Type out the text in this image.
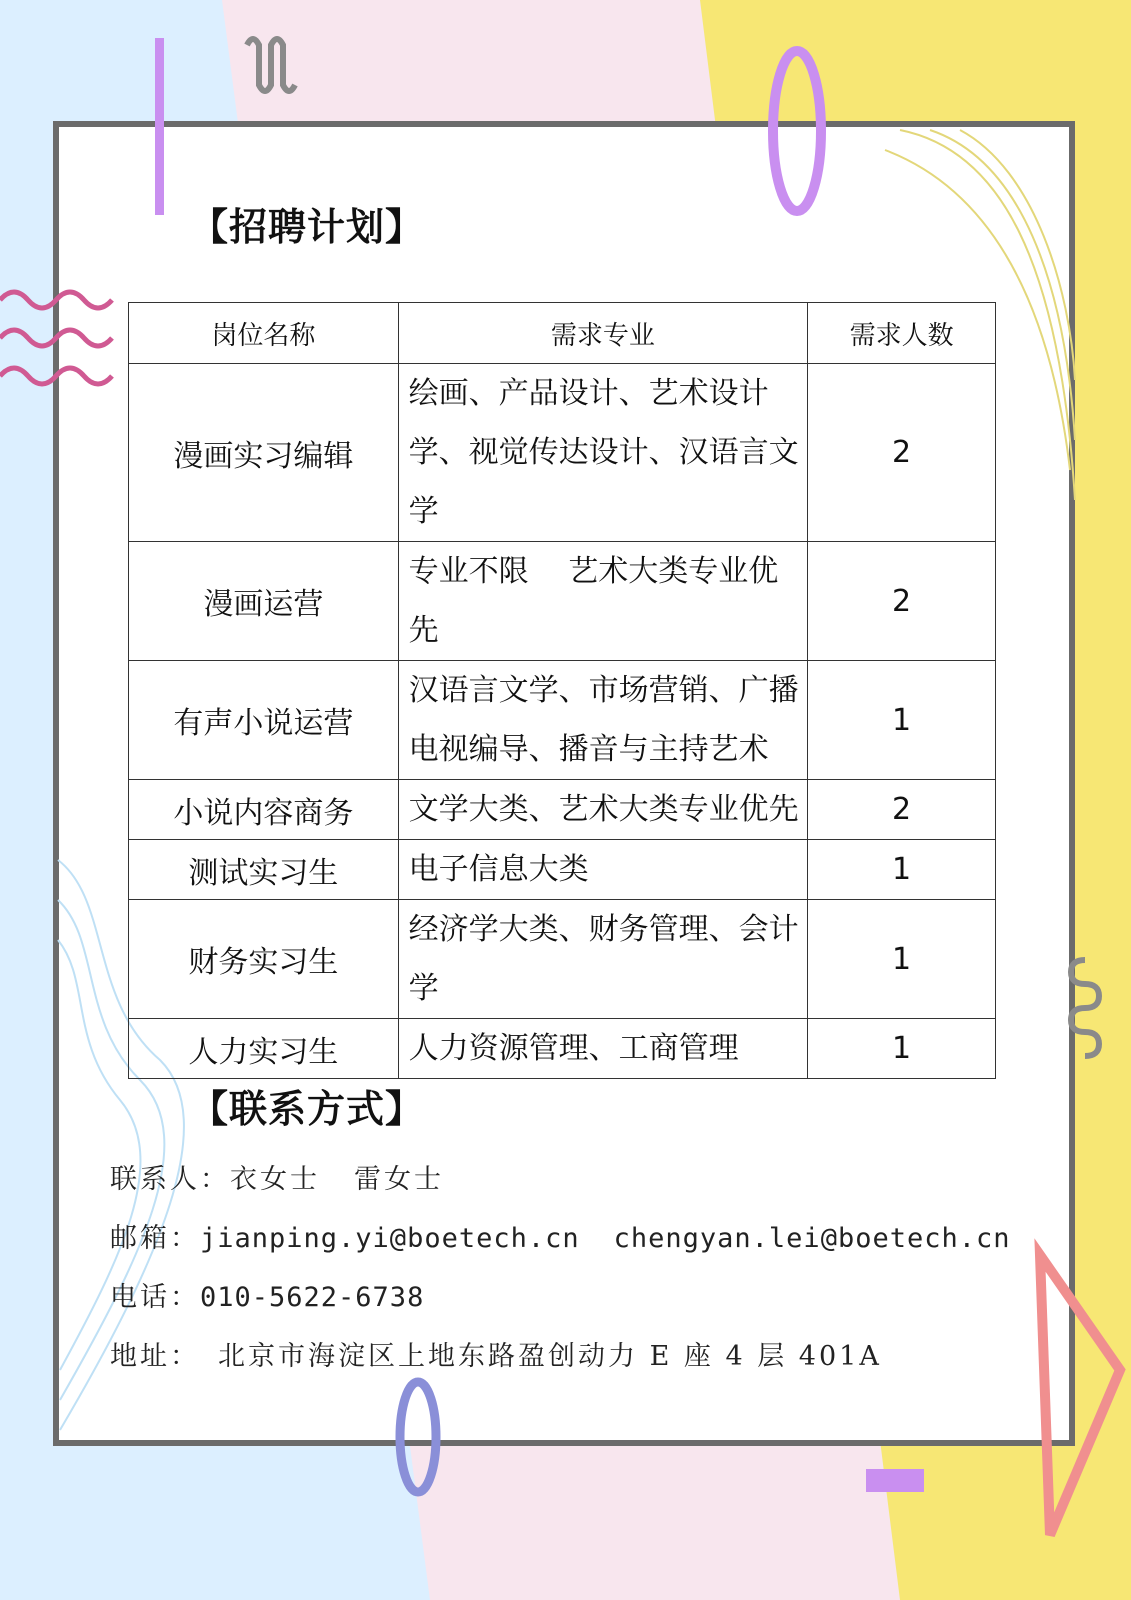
【招聘计划】
岗位名称	需求专业	需求人数
漫画实习编辑	绘画、产品设计、艺术设计学、视觉传达设计、汉语言文学	2
漫画运营	专业不限　 艺术大类专业优先	2
有声小说运营	汉语言文学、市场营销、广播电视编导、播音与主持艺术	1
小说内容商务	文学大类、艺术大类专业优先	2
测试实习生	电子信息大类	1
财务实习生	经济学大类、财务管理、会计学	1
人力实习生	人力资源管理、工商管理	1
【联系方式】
联系人：衣女士 雷女士
邮箱：jianping.yi@boetech.cn chengyan.lei@boetech.cn
电话：010-5622-6738
地址： 北京市海淀区上地东路盈创动力 E 座 4 层 401A
